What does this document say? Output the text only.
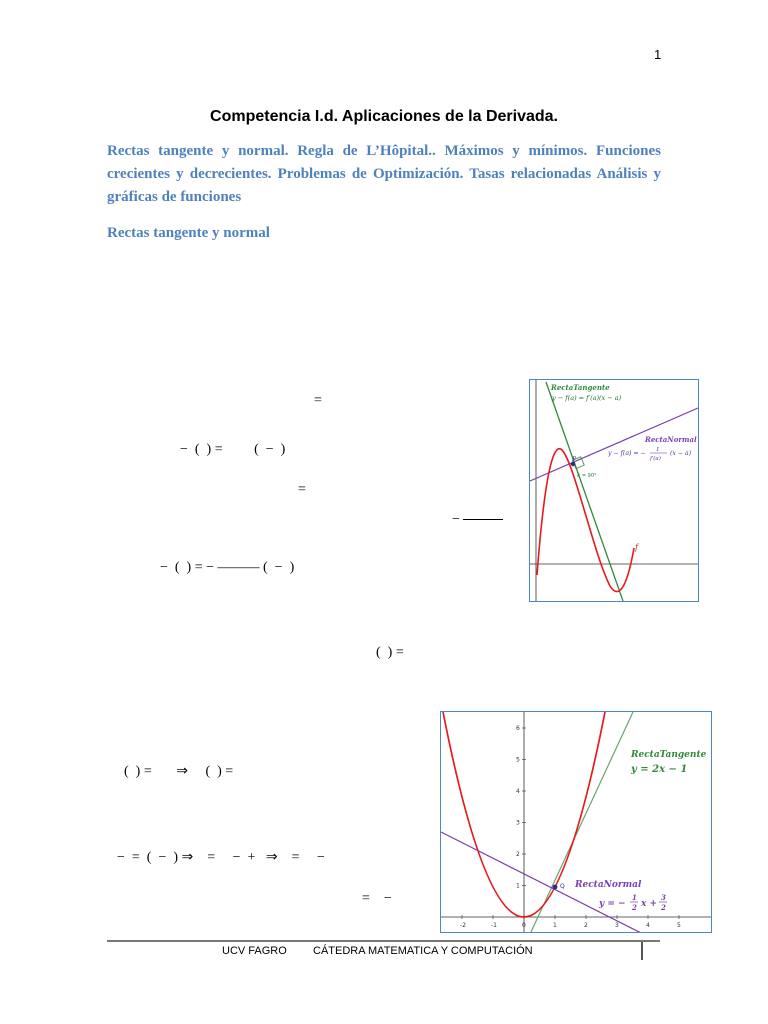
1
Competencia I.d. Aplicaciones de la Derivada.
Rectas tangente y normal. Regla de L’Hôpital.. Máximos y mínimos. Funciones crecientes y decrecientes. Problemas de Optimización. Tasas relacionadas Análisis y gráficas de funciones
Rectas tangente y normal
=
−  (  ) =         (  −  )
=
−
−  (  ) = − ——— (  −  )
(  ) =
(  ) =       ⇒     (  ) =
−  =  (  −  ) ⇒    =     −  +   ⇒    =     −
=    −
P
α = 90°
RectaTangente
y − f(a) = f′(a)(x − a)
RectaNormal
y − f(a) = − 1
f′(a)
(x − a)
f
-2	-1	0	1	2	3	4	5
1
2
3
4
5
6
Q
RectaTangente
y = 2x − 1
RectaNormal
y = −
1
2 x +
3
2
UCV FAGRO CÁTEDRA MATEMATICA Y COMPUTACIÓN
